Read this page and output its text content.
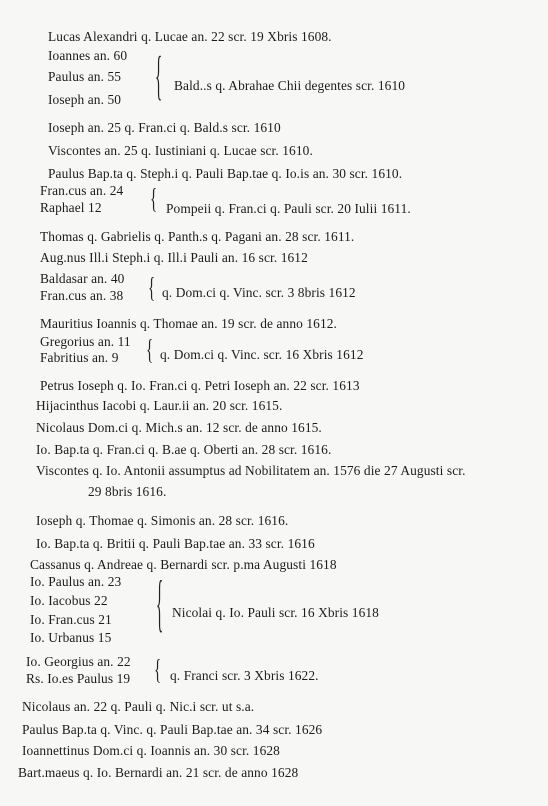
Lucas Alexandri q. Lucae an. 22 scr. 19 Xbris 1608.
Ioannes an. 60
Paulus an. 55
Ioseph an. 50 { Bald..s q. Abrahae Chii degentes scr. 1610
Ioseph an. 25 q. Fran.ci q. Bald.s scr. 1610
Viscontes an. 25 q. Iustiniani q. Lucae scr. 1610.
Paulus Bap.ta q. Steph.i q. Pauli Bap.tae q. Io.is an. 30 scr. 1610.
Fran.cus an. 24
Raphael 12	{ Pompeii q. Fran.ci q. Pauli scr. 20 Iulii 1611.
Thomas q. Gabrielis q. Panth.s q. Pagani an. 28 scr. 1611.
Aug.nus Ill.i Steph.i q. Ill.i Pauli an. 16 scr. 1612
Baldasar an. 40
Fran.cus an. 38 { q. Dom.ci q. Vinc. scr. 3 8bris 1612
Mauritius Ioannis q. Thomae an. 19 scr. de anno 1612.
Gregorius an. 11
Fabritius an. 9 { q. Dom.ci q. Vinc. scr. 16 Xbris 1612
Petrus Ioseph q. Io. Fran.ci q. Petri Ioseph an. 22 scr. 1613
Hijacinthus Iacobi q. Laur.ii an. 20 scr. 1615.
Nicolaus Dom.ci q. Mich.s an. 12 scr. de anno 1615.
Io. Bap.ta q. Fran.ci q. B.ae q. Oberti an. 28 scr. 1616.
Viscontes q. Io. Antonii assumptus ad Nobilitatem an. 1576 die 27 Augusti scr.
29 8bris 1616.
Ioseph q. Thomae q. Simonis an. 28 scr. 1616.
Io. Bap.ta q. Britii q. Pauli Bap.tae an. 33 scr. 1616
Cassanus q. Andreae q. Bernardi scr. p.ma Augusti 1618
Io. Paulus an. 23
Io. Iacobus 22
Io. Fran.cus 21
Io. Urbanus 15	{ Nicolai q. Io. Pauli scr. 16 Xbris 1618
Io. Georgius an. 22
Rs. Io.es Paulus 19 { q. Franci scr. 3 Xbris 1622.
Nicolaus an. 22 q. Pauli q. Nic.i scr. ut s.a.
Paulus Bap.ta q. Vinc. q. Pauli Bap.tae an. 34 scr. 1626
Ioannettinus Dom.ci q. Ioannis an. 30 scr. 1628
Bart.maeus q. Io. Bernardi an. 21 scr. de anno 1628
